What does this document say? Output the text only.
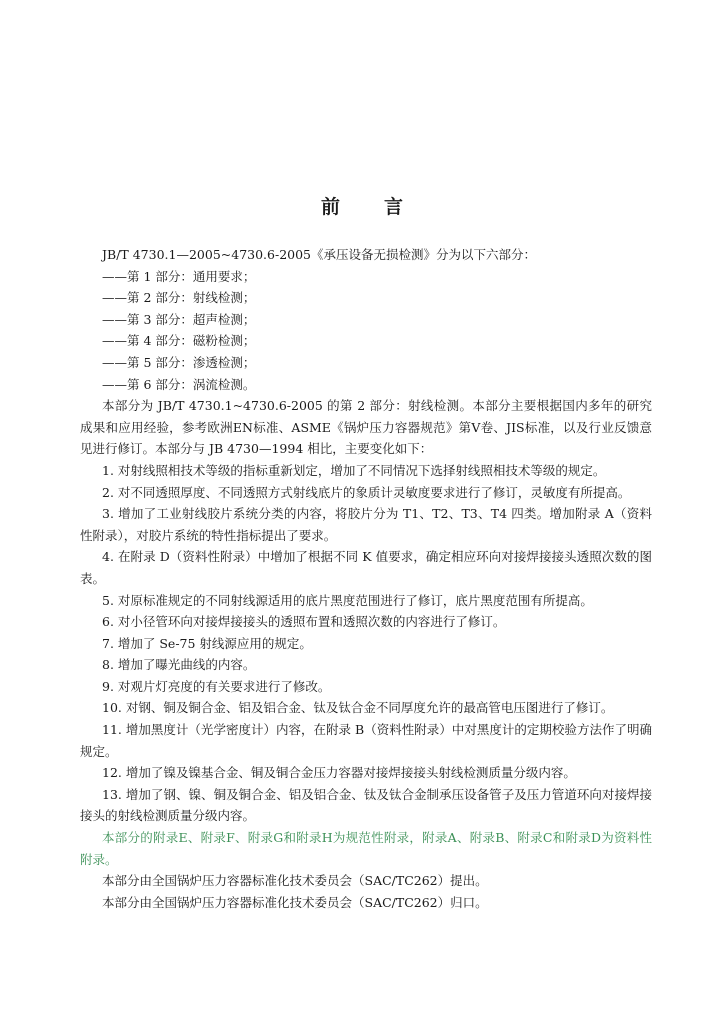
前 言

JB/T 4730.1—2005~4730.6-2005《承压设备无损检测》分为以下六部分：

——第 1 部分：通用要求；
——第 2 部分：射线检测；
——第 3 部分：超声检测；
——第 4 部分：磁粉检测；
——第 5 部分：渗透检测；
——第 6 部分：涡流检测。

本部分为 JB/T 4730.1~4730.6-2005 的第 2 部分：射线检测。本部分主要根据国内多年的研究成果和应用经验，参考欧洲EN标准、ASME《锅炉压力容器规范》第V卷、JIS标准，以及行业反馈意见进行修订。本部分与 JB 4730—1994 相比，主要变化如下：

1. 对射线照相技术等级的指标重新划定，增加了不同情况下选择射线照相技术等级的规定。

2. 对不同透照厚度、不同透照方式射线底片的象质计灵敏度要求进行了修订，灵敏度有所提高。

3. 增加了工业射线胶片系统分类的内容，将胶片分为 T1、T2、T3、T4 四类。增加附录 A（资料性附录），对胶片系统的特性指标提出了要求。

4. 在附录 D（资料性附录）中增加了根据不同 K 值要求，确定相应环向对接焊接接头透照次数的图表。

5. 对原标准规定的不同射线源适用的底片黑度范围进行了修订，底片黑度范围有所提高。

6. 对小径管环向对接焊接接头的透照布置和透照次数的内容进行了修订。

7. 增加了 Se-75 射线源应用的规定。

8. 增加了曝光曲线的内容。

9. 对观片灯亮度的有关要求进行了修改。

10. 对钢、铜及铜合金、铝及铝合金、钛及钛合金不同厚度允许的最高管电压图进行了修订。

11. 增加黑度计（光学密度计）内容，在附录 B（资料性附录）中对黑度计的定期校验方法作了明确规定。

12. 增加了镍及镍基合金、铜及铜合金压力容器对接焊接接头射线检测质量分级内容。

13. 增加了钢、镍、铜及铜合金、铝及铝合金、钛及钛合金制承压设备管子及压力管道环向对接焊接接头的射线检测质量分级内容。

本部分的附录E、附录F、附录G和附录H为规范性附录，附录A、附录B、附录C和附录D为资料性附录。

本部分由全国锅炉压力容器标准化技术委员会（SAC/TC262）提出。

本部分由全国锅炉压力容器标准化技术委员会（SAC/TC262）归口。
